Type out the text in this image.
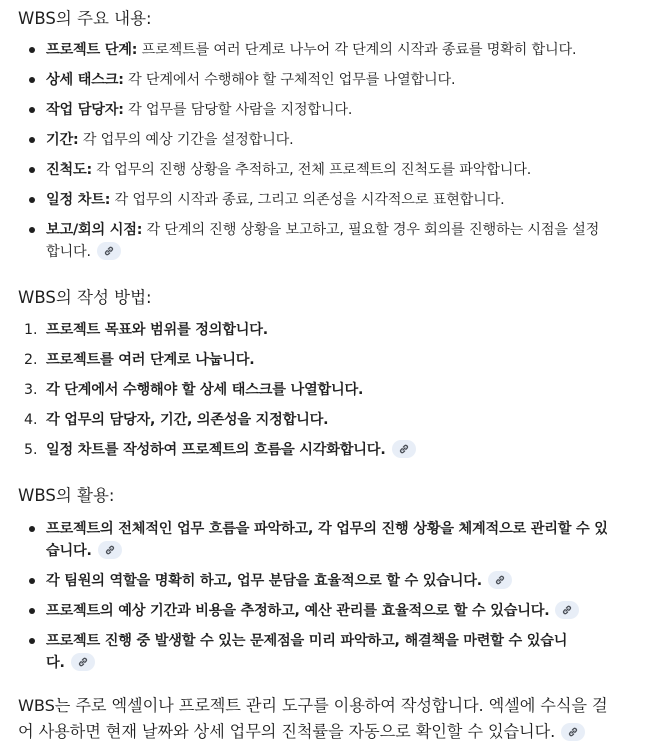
WBS의 주요 내용:
프로젝트 단계: 프로젝트를 여러 단계로 나누어 각 단계의 시작과 종료를 명확히 합니다.
상세 태스크: 각 단계에서 수행해야 할 구체적인 업무를 나열합니다.
작업 담당자: 각 업무를 담당할 사람을 지정합니다.
기간: 각 업무의 예상 기간을 설정합니다.
진척도: 각 업무의 진행 상황을 추적하고, 전체 프로젝트의 진척도를 파악합니다.
일정 차트: 각 업무의 시작과 종료, 그리고 의존성을 시각적으로 표현합니다.
보고/회의 시점: 각 단계의 진행 상황을 보고하고, 필요할 경우 회의를 진행하는 시점을 설정
합니다.
WBS의 작성 방법:
1. 프로젝트 목표와 범위를 정의합니다.
2. 프로젝트를 여러 단계로 나눕니다.
3. 각 단계에서 수행해야 할 상세 태스크를 나열합니다.
4. 각 업무의 담당자, 기간, 의존성을 지정합니다.
5. 일정 차트를 작성하여 프로젝트의 흐름을 시각화합니다.
WBS의 활용:
프로젝트의 전체적인 업무 흐름을 파악하고, 각 업무의 진행 상황을 체계적으로 관리할 수 있
습니다.
각 팀원의 역할을 명확히 하고, 업무 분담을 효율적으로 할 수 있습니다.
프로젝트의 예상 기간과 비용을 추정하고, 예산 관리를 효율적으로 할 수 있습니다.
프로젝트 진행 중 발생할 수 있는 문제점을 미리 파악하고, 해결책을 마련할 수 있습니
다.
WBS는 주로 엑셀이나 프로젝트 관리 도구를 이용하여 작성합니다. 엑셀에 수식을 걸
어 사용하면 현재 날짜와 상세 업무의 진척률을 자동으로 확인할 수 있습니다.
